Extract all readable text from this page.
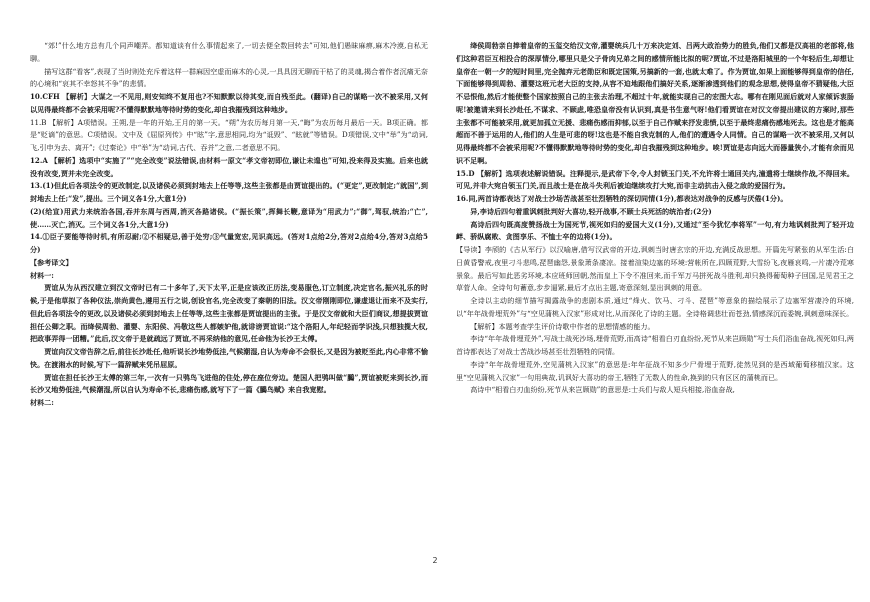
“郊!”什么地方总有几个同声嘲弄。都知道谈有什么事情起来了,一切去便全数回转去”可知,他们愚昧麻痹,麻木冷漠,自私无聊。

描写这群“看客”,表现了当时则处充斥着这样一群麻因空虚而麻木的心灵,一具具因无聊而干枯了的灵魂,揭合着作者沉痛无奈的心境和“哀其不幸怒其不争”的悲情。

10.CFH 【解析】大谋之一不见用,则安知终不复用也?不知默默以待其变,而自残至此。(翻译)自己的谋略一次不被采用,又何以见得最终都不会被采用呢?不懂得默默地等待时势的变化,却自我摧残到这种地步。

11.B 【解析】A项错误。王朔,是一年的开始,王月的第一天。“朔”为农历每月第一天,“晦”为农历每月最后一天。B项正确。都是“贬谪”的意思。C项错误。文中及《屈原列传》中“眩”字,意思相同,均为“诋毁”、“眩就”等错误。D项错误,文中“举”为“动词,飞,引申为去、离开”;《过秦论》中“举”为“动词,古代、吞并”之意,二者意思不同。

12.A 【解析】选项中“实施了”“完全改变”说法错误,由材料一原文“孝文帝初即位,谦让未遑也”可知,没来得及实施。后来也就没有改变,贾并未完全改变。

13.(1)但此后各项法令的更改制定,以及诸侯必须到封地去上任等等,这些主张都是由贾谊提出的。(“更定”,更改制定;“就国”,到封地去上任;“发”,提出。三个词义各1分,大意1分)

(2)(给宣)用武力来统治各国,吞并东周与西周,消灭各路诸侯。(“振长策”,挥舞长鞭,意译为“用武力”;“御”,驾驭,统治;“亡”,使……灭亡,消灭。三个词义各1分,大意1分)

14.①臣子要能等待时机,有所忍耐;②不相疑忌,善于处穷;③气量宽宏,见识高远。(答对1点给2分,答对2点给4分,答对3点给5分)

【参考译文】

材料一:

贾谊从为从西汉建立到汉文帝时已有二十多年了,天下太平,正是应该改正历法,变易服色,订立制度,决定官名,振兴礼乐的时候,于是他草拟了各种仪法,崇尚黄色,遵用五行之说,创设官名,完全改变了秦朝的旧法。汉文帝刚刚即位,谦虚退让而来不及实行,但此后各项法令的更改,以及诸侯必须到封地去上任等等,这些主张都是贾谊提出的主张。于是汉文帝就和大臣们商议,想提拔贾谊担任公卿之职。而绛侯周勃、灌婴、东阳侯、冯敬这些人都嫉妒他,就诽谤贾谊说:“这个洛阳人,年纪轻而学识浅,只想独揽大权,把政事弄得一团糟。”此后,汉文帝于是就疏远了贾谊,不再采纳他的意见,任命他为长沙王太傅。

贾谊向汉文帝告辞之后,前往长沙赴任,他听说长沙地势低洼,气候潮湿,自认为寿命不会很长,又是因为被贬至此,内心非常不愉快。在渡湘水的时候,写下一篇辞赋来凭吊屈原。

贾谊在担任长沙王太傅的第三年,一次有一只鸮鸟飞进他的住处,停在座位旁边。楚国人把鸮叫做“鵩”,贾谊被贬来到长沙,而长沙又地势低洼,气候潮湿,所以自认为寿命不长,悲痛伤感,就写下了一篇《鵩鸟赋》来自我宽慰。

材料二:

绛侯周勃亲自捧着皇帝的玉玺交给汉文帝,灌婴统兵几十万来决定刘、吕两大政治势力的胜负,他们又都是汉高祖的老部将,他们这种君臣互相投合的深厚情分,哪里只是父子骨肉兄弟之间的感情所能比拟的呢?贾谊,不过是洛阳城里的一个年轻后生,却想让皇帝在一朝一夕的短时间里,完全抛弃元老勋臣和既定国策,另搞新的一套,也就太难了。作为贾谊,如果上面能够得到皇帝的信任,下面能够得到周勃、灌婴这班元老大臣的支持,从容不迫地跟他们搞好关系,逐渐渗透到他们的观念思想,使得皇帝不猜疑他,大臣不忌恨他,然后才能使整个国家按照自己的主张去治理,不超过十年,就能实现自己的宏图大志。哪有在刚见面后就对人家倾诉衷肠呢!被邀请来到长沙赴任,不谋求、不顾虑,唯恐皇帝没有认识到,真是书生意气呀!他们看贾谊在对汉文帝提出建议的方案时,那些主张都不可能被采用,就更加孤立无援、悲痛伤感而抑郁,以至于自己作赋来抒发悲愤,以至于最终悲痛伤感地死去。这也是才能高超而不善于运用的人,他们的人生是可悲的呀!这也是不能自我克制的人,他们的遭遇令人同情。自己的谋略一次不被采用,又何以见得最终都不会被采用呢?不懂得默默地等待时势的变化,却自我摧残到这种地步。唉!贾谊是志向远大而器量狭小,才能有余而见识不足啊。

15.D 【解析】选项表述解说错误。注释提示,是武帝下令,令人封锁玉门关,不允许将士通回关内,潼遣将士继续作战,不得回来。可见,并非大宛自领玉门关,而且战士是在战斗失利后被迫继续攻打大宛,而非主动抗击入侵之敌的爱国行为。

16.同,两首诗都表达了对战士沙场苦战甚至壮烈牺牲的深切同情(1分),都表达对战争的反感与厌倦(1分)。

异,李诗后四句着重讽刺批判好大喜功,轻开战事,不顾士兵死活的统治者;(2分)

高诗后四句既高度赞扬战士为国死节,视死如归的爱国大义(1分),又通过“至今犹忆李将军”一句,有力地讽刺批判了轻开边衅、骄纵腐败、贪图享乐、不恤士卒的边将(1分)。

【导读】李颀的《古从军行》以汉喻唐,借写汉武帝的开边,讽刺当时唐玄宗的开边,充满反战思想。开篇先写紧张的从军生活:白日黄昏警戒,夜里刁斗悲鸣,琵琶幽怨,景象萧条凄凉。接着渲染边塞的环境:营帐所在,四顾荒野,大雪纷飞,夜雁哀鸣,一片凄冷荒寒景象。最后写如此恶劣环境,本应班师回朝,然而皇上下令不准回来,而千军万马拼死战斗胜利,却只换得葡萄种子回国,足见君王之草菅人命。全诗句句蓄意,步步逼紧,最后才点出主题,寄意深刻,显出讽刺的用意。

全诗以主动的细节描写揭露战争的悲剧本质,通过“烽火、饮马、刁斗、琵琶”等意象的描绘展示了边塞军营凄冷的环境,以“年年战骨埋荒外”与“空见蒲桃入汉家”形成对比,从而深化了诗的主题。全诗格调悲壮而苍劲,情感深沉而委婉,讽刺意味深长。

【解析】本题考查学生评价诗歌中作者的思想情感的能力。

李诗“年年战骨埋荒外”,写战士战死沙场,埋骨荒野,而高诗“相看白刃血纷纷,死节从来岂顾勋”写士兵们浴血奋战,视死如归,两首诗都表达了对战士苦战沙场甚至壮烈牺牲的同情。

李诗“年年战骨埋荒外,空见蒲桃入汉家”的意思是:年年征战不知多少尸骨埋于荒野,徒然见到的是西域葡萄移植汉家。这里“空见蒲桃入汉家”一句用典故,讥讽好大喜功的帝王,牺牲了无数人的性命,换到的只有区区的蒲桃而已。

高诗中“相看白刃血纷纷,死节从来岂顾勋”的意思是:士兵们与敌人短兵相接,浴血奋战,

2
